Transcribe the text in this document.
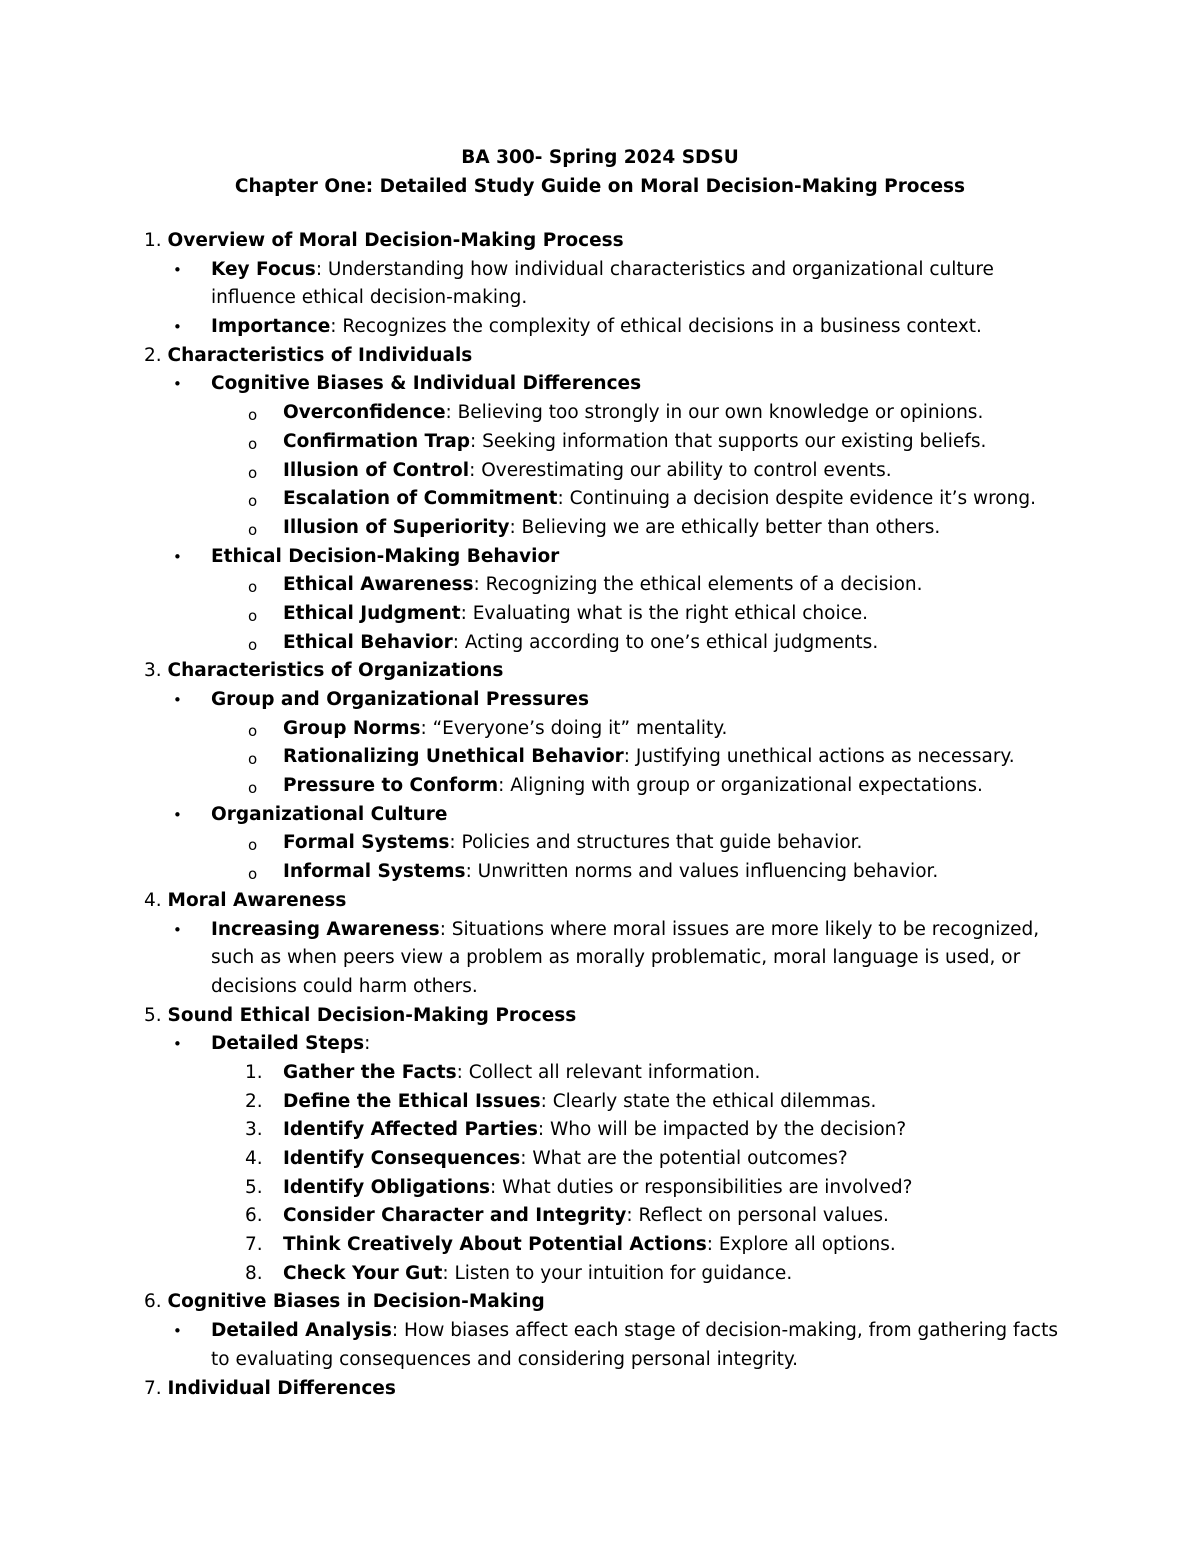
BA 300- Spring 2024 SDSU
Chapter One: Detailed Study Guide on Moral Decision-Making Process
1. Overview of Moral Decision-Making Process
• Key Focus: Understanding how individual characteristics and organizational culture
influence ethical decision-making.
• Importance: Recognizes the complexity of ethical decisions in a business context.
2. Characteristics of Individuals
• Cognitive Biases & Individual Differences
o Overconfidence: Believing too strongly in our own knowledge or opinions.
o Confirmation Trap: Seeking information that supports our existing beliefs.
o Illusion of Control: Overestimating our ability to control events.
o Escalation of Commitment: Continuing a decision despite evidence it’s wrong.
o Illusion of Superiority: Believing we are ethically better than others.
• Ethical Decision-Making Behavior
o Ethical Awareness: Recognizing the ethical elements of a decision.
o Ethical Judgment: Evaluating what is the right ethical choice.
o Ethical Behavior: Acting according to one’s ethical judgments.
3. Characteristics of Organizations
• Group and Organizational Pressures
o Group Norms: “Everyone’s doing it” mentality.
o Rationalizing Unethical Behavior: Justifying unethical actions as necessary.
o Pressure to Conform: Aligning with group or organizational expectations.
• Organizational Culture
o Formal Systems: Policies and structures that guide behavior.
o Informal Systems: Unwritten norms and values influencing behavior.
4. Moral Awareness
• Increasing Awareness: Situations where moral issues are more likely to be recognized,
such as when peers view a problem as morally problematic, moral language is used, or
decisions could harm others.
5. Sound Ethical Decision-Making Process
• Detailed Steps:
1. Gather the Facts: Collect all relevant information.
2. Define the Ethical Issues: Clearly state the ethical dilemmas.
3. Identify Affected Parties: Who will be impacted by the decision?
4. Identify Consequences: What are the potential outcomes?
5. Identify Obligations: What duties or responsibilities are involved?
6. Consider Character and Integrity: Reflect on personal values.
7. Think Creatively About Potential Actions: Explore all options.
8. Check Your Gut: Listen to your intuition for guidance.
6. Cognitive Biases in Decision-Making
• Detailed Analysis: How biases affect each stage of decision-making, from gathering facts
to evaluating consequences and considering personal integrity.
7. Individual Differences
